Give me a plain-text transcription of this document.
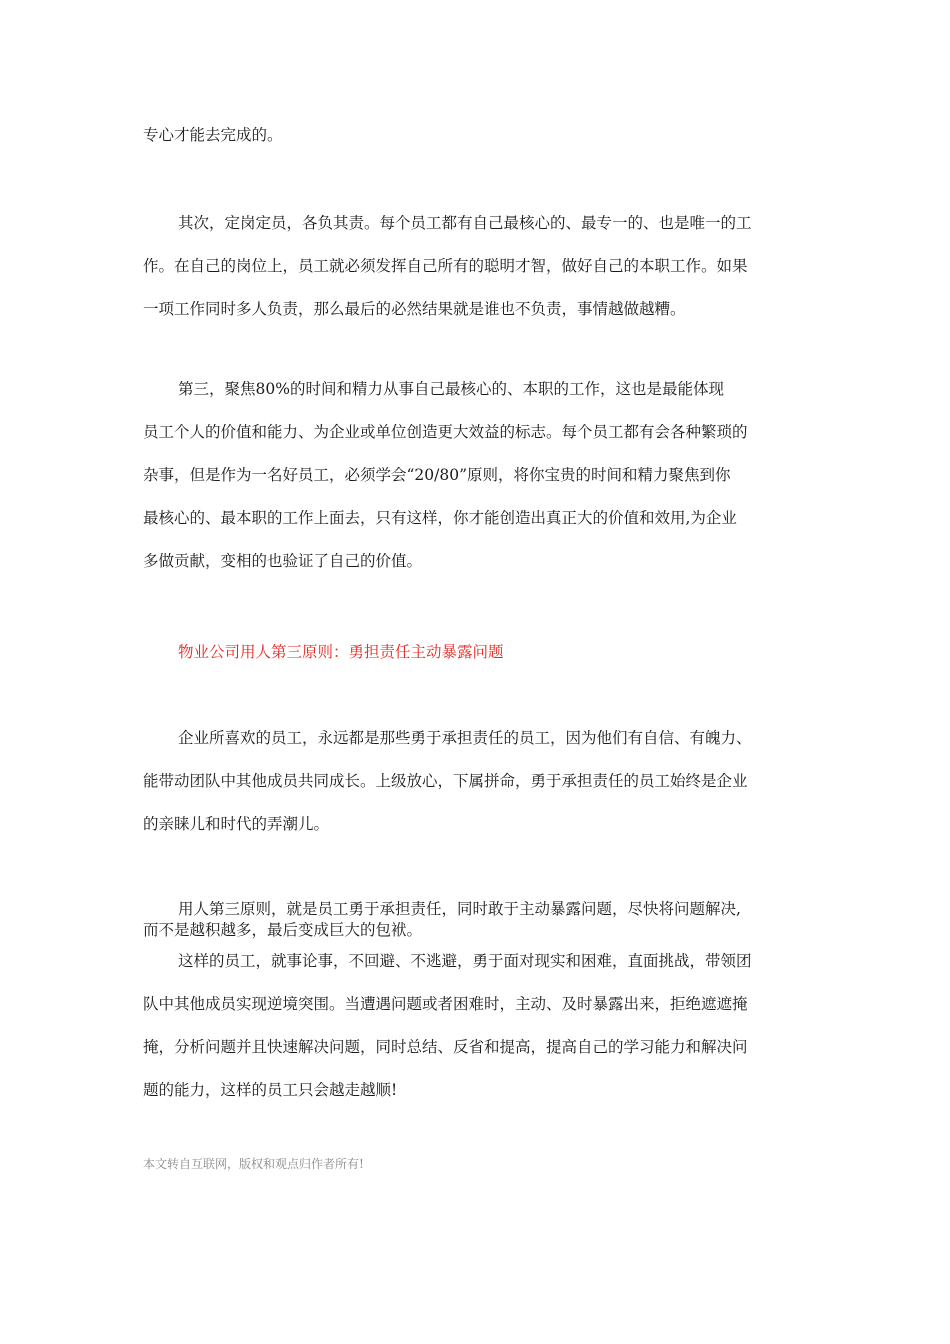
专心才能去完成的。

其次，定岗定员，各负其责。每个员工都有自己最核心的、最专一的、也是唯一的工
作。在自己的岗位上，员工就必须发挥自己所有的聪明才智，做好自己的本职工作。如果
一项工作同时多人负责，那么最后的必然结果就是谁也不负责，事情越做越糟。

第三，聚焦80%的时间和精力从事自己最核心的、本职的工作，这也是最能体现
员工个人的价值和能力、为企业或单位创造更大效益的标志。每个员工都有会各种繁琐的
杂事，但是作为一名好员工，必须学会“20/80”原则，将你宝贵的时间和精力聚焦到你
最核心的、最本职的工作上面去，只有这样，你才能创造出真正大的价值和效用,为企业
多做贡献，变相的也验证了自己的价值。

物业公司用人第三原则：勇担责任主动暴露问题

企业所喜欢的员工，永远都是那些勇于承担责任的员工，因为他们有自信、有魄力、
能带动团队中其他成员共同成长。上级放心，下属拼命，勇于承担责任的员工始终是企业
的亲睐儿和时代的弄潮儿。

用人第三原则，就是员工勇于承担责任，同时敢于主动暴露问题，尽快将问题解决,
而不是越积越多，最后变成巨大的包袱。

这样的员工，就事论事，不回避、不逃避，勇于面对现实和困难，直面挑战，带领团
队中其他成员实现逆境突围。当遭遇问题或者困难时，主动、及时暴露出来，拒绝遮遮掩
掩，分析问题并且快速解决问题，同时总结、反省和提高，提高自己的学习能力和解决问
题的能力，这样的员工只会越走越顺!

本文转自互联网，版权和观点归作者所有!
